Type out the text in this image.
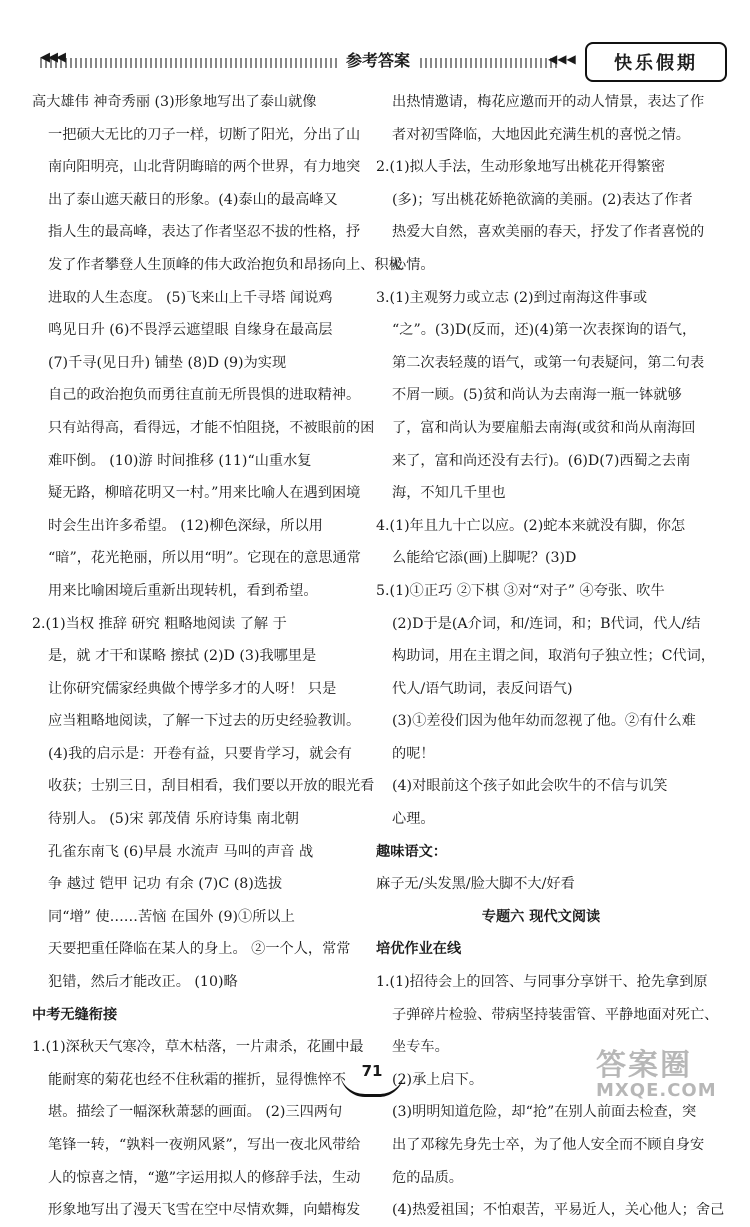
◀◀◀	参考答案	◀◀◀	快乐假期
高大雄伟 神奇秀丽 (3)形象地写出了泰山就像
一把硕大无比的刀子一样，切断了阳光，分出了山
南向阳明亮，山北背阴晦暗的两个世界，有力地突
出了泰山遮天蔽日的形象。(4)泰山的最高峰又
指人生的最高峰，表达了作者坚忍不拔的性格，抒
发了作者攀登人生顶峰的伟大政治抱负和昂扬向上、积极
进取的人生态度。 (5)飞来山上千寻塔 闻说鸡
鸣见日升 (6)不畏浮云遮望眼 自缘身在最高层
(7)千寻(见日升) 铺垫 (8)D (9)为实现
自己的政治抱负而勇往直前无所畏惧的进取精神。
只有站得高，看得远，才能不怕阻挠，不被眼前的困
难吓倒。 (10)游 时间推移 (11)“山重水复
疑无路，柳暗花明又一村。”用来比喻人在遇到困境
时会生出许多希望。 (12)柳色深绿，所以用
“暗”，花光艳丽，所以用“明”。它现在的意思通常
用来比喻困境后重新出现转机，看到希望。
2.(1)当权 推辞 研究 粗略地阅读 了解 于
是，就 才干和谋略 擦拭 (2)D (3)我哪里是
让你研究儒家经典做个博学多才的人呀！ 只是
应当粗略地阅读，了解一下过去的历史经验教训。
(4)我的启示是：开卷有益，只要肯学习，就会有
收获；士别三日，刮目相看，我们要以开放的眼光看
待别人。 (5)宋 郭茂倩 乐府诗集 南北朝
孔雀东南飞 (6)早晨 水流声 马叫的声音 战
争 越过 铠甲 记功 有余 (7)C (8)选拔
同“增” 使……苦恼 在国外 (9)①所以上
天要把重任降临在某人的身上。 ②一个人，常常
犯错，然后才能改正。 (10)略
中考无缝衔接
1.(1)深秋天气寒冷，草木枯落，一片肃杀，花圃中最
能耐寒的菊花也经不住秋霜的摧折，显得憔悴不
堪。描绘了一幅深秋萧瑟的画面。 (2)三四两句
笔锋一转，“孰料一夜朔风紧”，写出一夜北风带给
人的惊喜之情，“邀”字运用拟人的修辞手法，生动
形象地写出了漫天飞雪在空中尽情欢舞，向蜡梅发
出热情邀请，梅花应邀而开的动人情景，表达了作
者对初雪降临，大地因此充满生机的喜悦之情。
2.(1)拟人手法，生动形象地写出桃花开得繁密
(多)；写出桃花娇艳欲滴的美丽。(2)表达了作者
热爱大自然，喜欢美丽的春天，抒发了作者喜悦的
心情。
3.(1)主观努力或立志 (2)到过南海这件事或
“之”。(3)D(反而，还)(4)第一次表探询的语气，
第二次表轻蔑的语气，或第一句表疑问，第二句表
不屑一顾。(5)贫和尚认为去南海一瓶一钵就够
了，富和尚认为要雇船去南海(或贫和尚从南海回
来了，富和尚还没有去行)。(6)D(7)西蜀之去南
海，不知几千里也
4.(1)年且九十亡以应。(2)蛇本来就没有脚，你怎
么能给它添(画)上脚呢？(3)D
5.(1)①正巧 ②下棋 ③对“对子” ④夸张、吹牛
(2)D于是(A介词，和/连词，和；B代词，代人/结
构助词，用在主谓之间，取消句子独立性；C代词，
代人/语气助词，表反问语气)
(3)①差役们因为他年幼而忽视了他。②有什么难
的呢！
(4)对眼前这个孩子如此会吹牛的不信与讥笑
心理。
趣味语文：
麻子无/头发黑/脸大脚不大/好看
专题六 现代文阅读
培优作业在线
1.(1)招待会上的回答、与同事分享饼干、抢先拿到原
子弹碎片检验、带病坚持装雷管、平静地面对死亡、
坐专车。
(2)承上启下。
(3)明明知道危险，却“抢”在别人前面去检查，突
出了邓稼先身先士卒，为了他人安全而不顾自身安
危的品质。
(4)热爱祖国；不怕艰苦，平易近人，关心他人；舍己
71	答案圈
MXQE.COM
